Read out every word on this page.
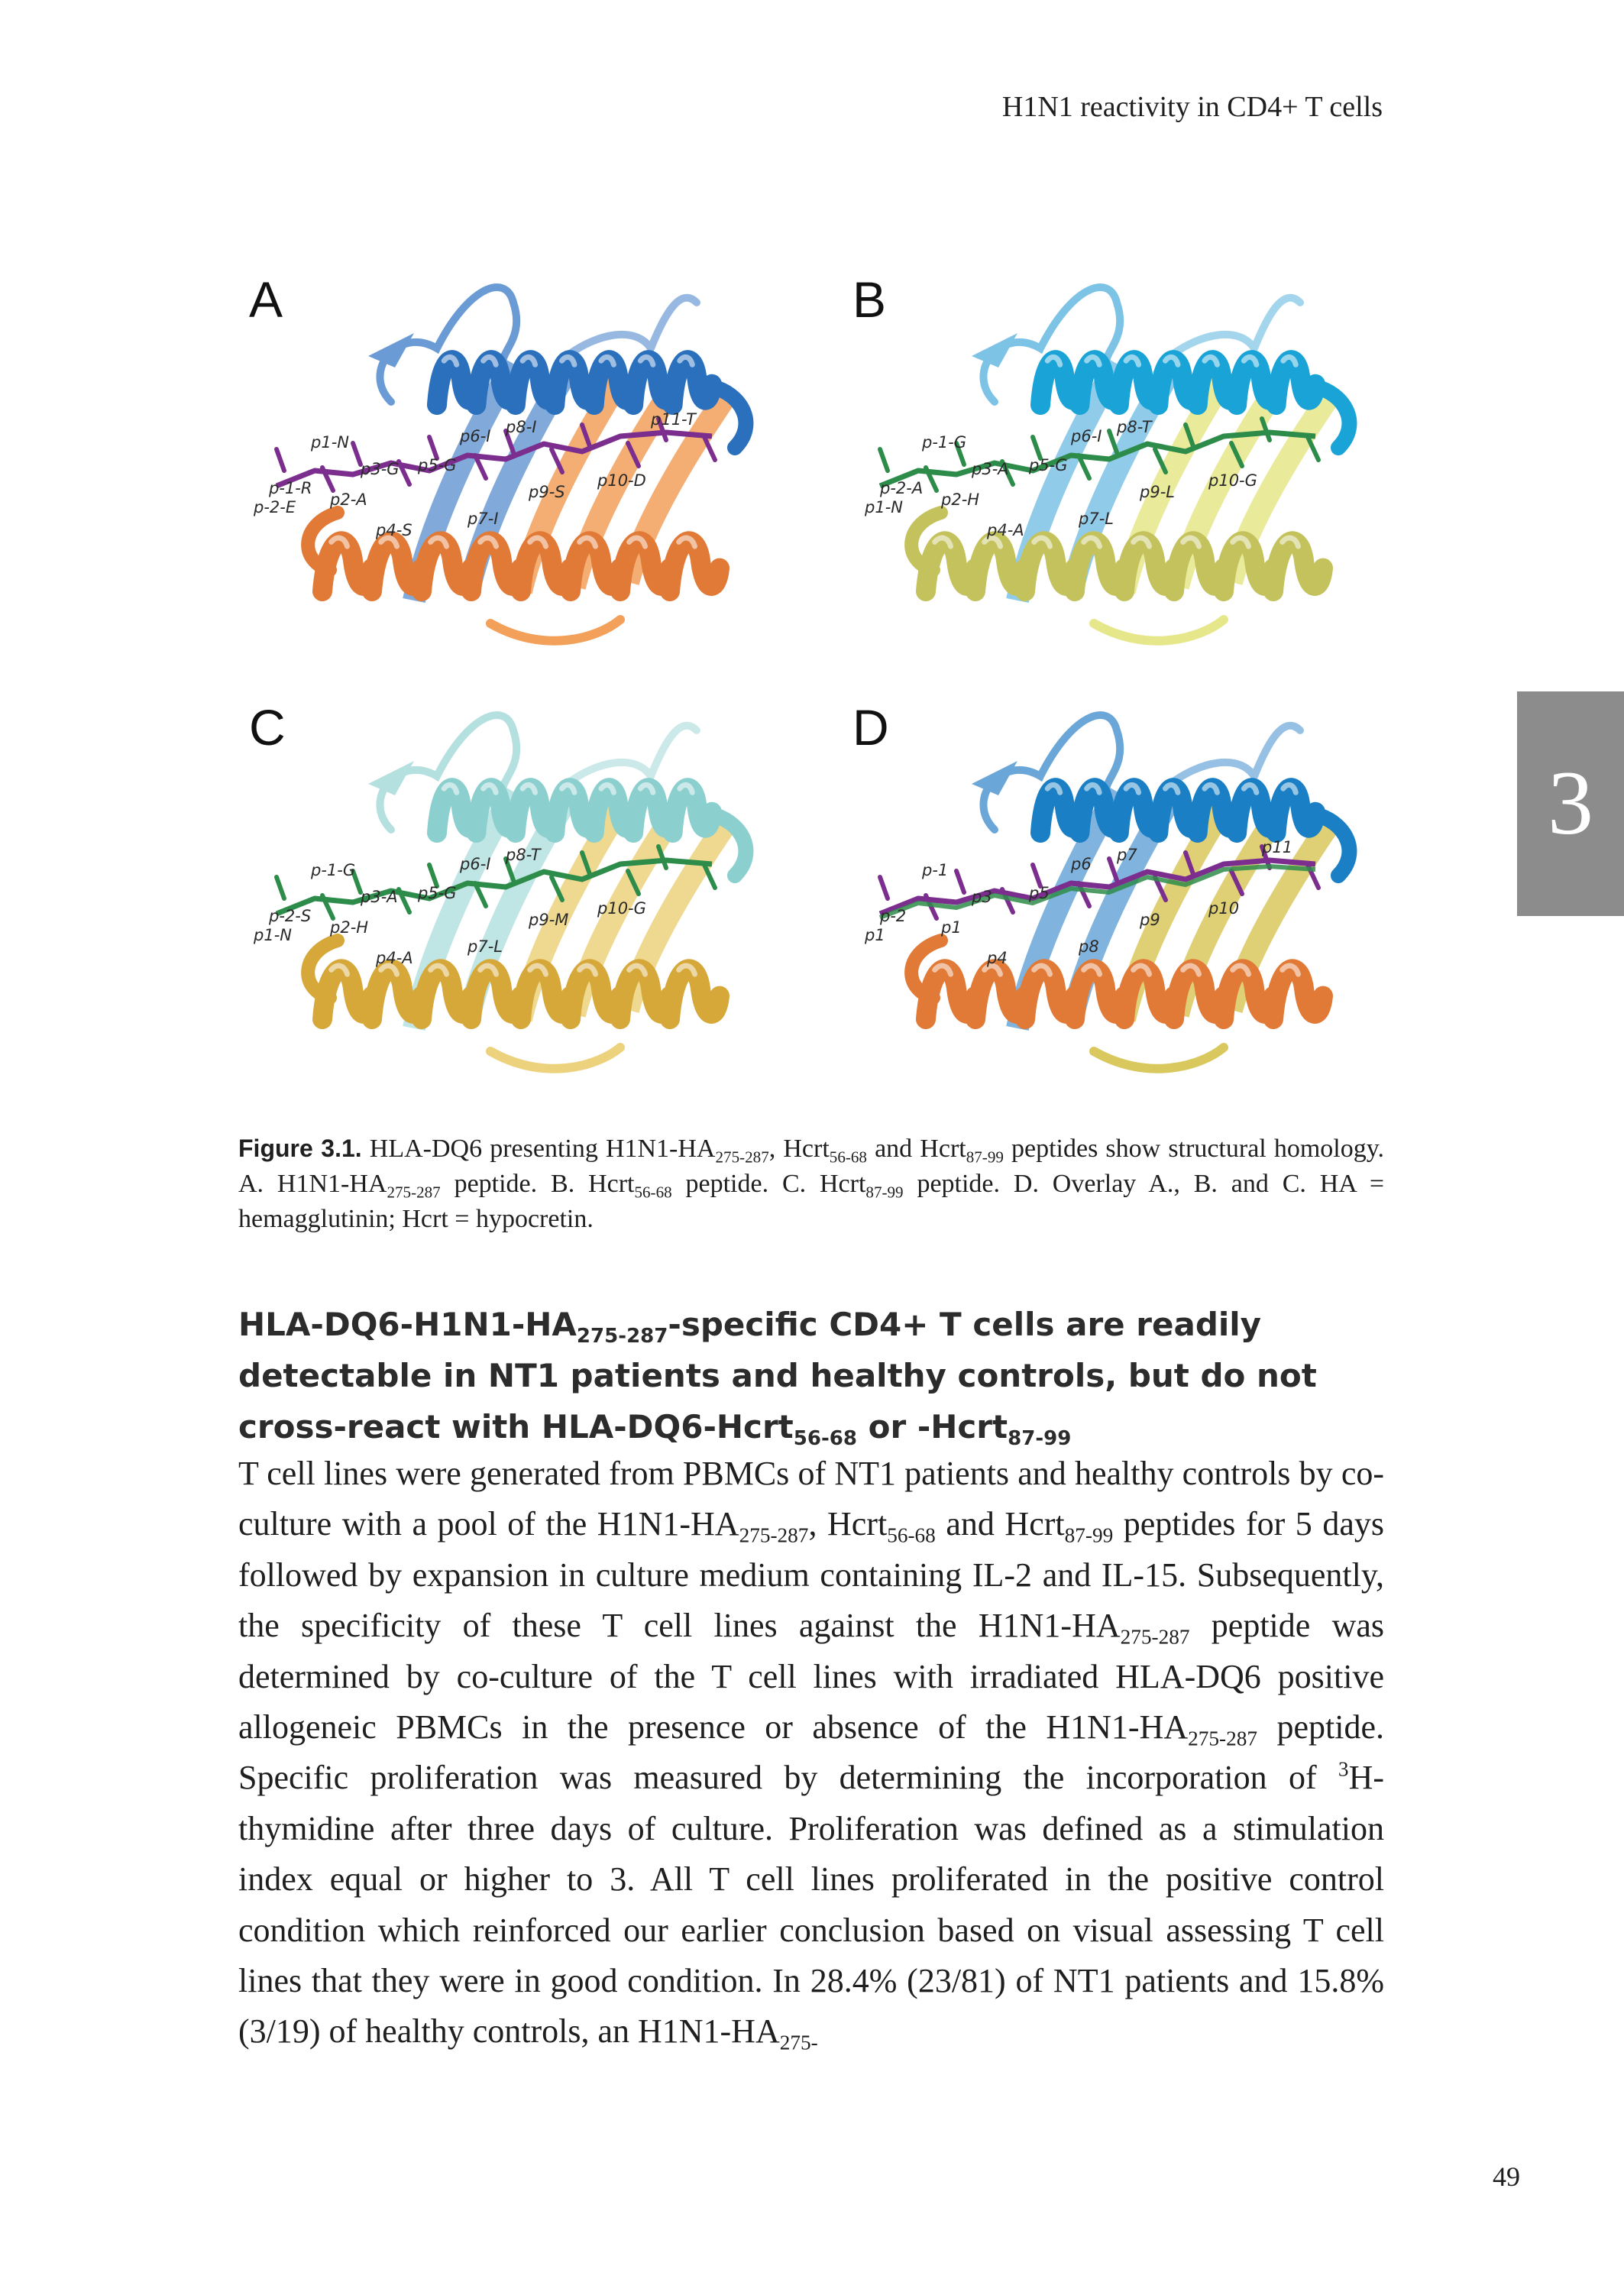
H1N1 reactivity in CD4+ T cells
3
p-1-R
p1-N
p-2-E p2-A
p3-G
p4-S
p5-G
p6-I p8-I
p7-I
p9-S
p10-D
p11-T
A
p-2-A
p-1-G
p1-N p2-H
p3-A
p4-A
p5-G
p6-I p8-T
p7-L
p9-L
p10-G
B
p-2-S
p-1-G
p1-N p2-H
p3-A
p4-A
p5-G
p6-I p8-T
p7-L
p9-M
p10-G
C
p-2
p-1
p1	p1
p3
p4
p5
p6 p7
p8
p9
p10
p11
D
Figure 3.1. HLA-DQ6 presenting $H1N1-HA_{275-287}$, Hcrt$_{56-68}$ and Hcrt$_{87-99}$ peptides show structural homology. A. $H1N1-HA_{275-287}$ peptide. B. Hcrt$_{56-68}$ peptide. C. Hcrt$_{87-99}$ peptide. D. Overlay A., B. and C. HA = hemagglutinin; Hcrt = hypocretin.
HLA-$DQ6-H1N1-HA_{275-287}$-specific CD4+ T cells are readily detectable in NT1 patients and healthy controls, but do not cross-react with HLA-DQ6-Hcrt$_{56-68}$ or -Hcrt$_{87-99}$
T cell lines were generated from PBMCs of NT1 patients and healthy controls by co-culture with a pool of the $H1N1-HA_{275-287}$, Hcrt$_{56-68}$ and Hcrt$_{87-99}$ peptides for 5 days followed by expansion in culture medium containing IL-2 and IL-15. Subsequently, the specificity of these T cell lines against the $H1N1-HA_{275-287}$ peptide was determined by co-culture of the T cell lines with irradiated HLA-DQ6 positive allogeneic PBMCs in the presence or absence of the $H1N1-HA_{275-287}$ peptide. Specific proliferation was measured by determining the incorporation of $^3$H-thymidine after three days of culture. Proliferation was defined as a stimulation index equal or higher to 3. All T cell lines proliferated in the positive control condition which reinforced our earlier conclusion based on visual assessing T cell lines that they were in good condition. In 28.4% (23/81) of NT1 patients and 15.8% (3/19) of healthy controls, an $H1N1-HA_{275-}$
49
